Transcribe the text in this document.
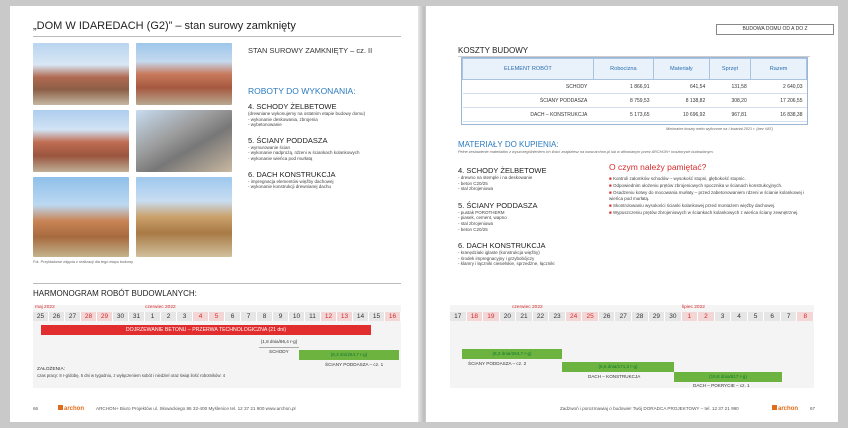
„DOM W IDAREDACH (G2)” – stan surowy zamknięty
Fot. Przykładowe zdjęcia z realizacji dla tego etapu budowy
STAN SUROWY ZAMKNIĘTY – cz. II
ROBOTY DO WYKONANIA:
4. SCHODY ŻELBETOWE
(drewniane wykonujemy na ostatnim etapie budowy domu)
- wykonanie deskowania, zbrojenia
- wybetonowanie
5. ŚCIANY PODDASZA
- wymurowanie ścian
- wykonanie nadprożą, rdzeni w ściankach kolankowych
- wykonanie wieńca pod murłatą
6. DACH KONSTRUKCJA
- impregnacja elementów więźby dachowej
- wykonanie konstrukcji drewnianej dachu
HARMONOGRAM ROBÓT BUDOWLANYCH:
maj 2022	czerwiec 2022
25	26	27	28	29	30	31	1	2	3	4	5	6	7	8	9	10	11	12	13	14	15	16
DOJRZEWANIE BETONU – PRZERWA TECHNOLOGICZNA (21 dni)
(1,8 dnia/66,4 r-g)
SCHODY
(8,3 dni/264,7 r-g)
ŚCIANY PODDASZA – cz. 1
ZAŁOŻENIA:
czas pracy: 8 r-g/dobę, 5 dni w tygodniu, z wyłączeniem sobót i niedziel oraz świąt ilość robotników: 4
66	archon	ARCHON+ Biuro Projektów ul. Słowackiego 86 32-400 Myślenice tel. 12 37 21 900 www.archon.pl
BUDOWA DOMU OD A DO Z
KOSZTY BUDOWY
ELEMENT ROBÓT	Robocizna	Materiały	Sprzęt	Razem
SCHODY	1 866,91	641,54	131,58	2 640,03
ŚCIANY PODDASZA	8 759,53	8 138,82	308,20	17 206,55
DACH – KONSTRUKCJA	5 173,65	10 696,92	967,81	16 838,38
Minimalne koszty netto wyliczone na I kwartał 2021 r. (bez VAT)
MATERIAŁY DO KUPIENIA:
Pełne zestawienie materiałów z wyszczególnieniem ich ilości znajdziesz na www.archon.pl lub w afirowanym przez ARCHON+ kosztorysie budowlanym.
4. SCHODY ŻELBETOWE
- drewno na stemple i na deskowanie
- beton C20/25
- stal zbrojeniowa
5. ŚCIANY PODDASZA
- pustak POROTHERM
- piasek, cement, wapno
- stal zbrojeniowa
- beton C20/25
6. DACH KONSTRUKCJA
- kranędziaki iglaste (konstrukcja więźby)
- środek impregnacyjny i grzybobójczy
- klamry i łączniki ciesielskie, sprzedżne, łączniki
O czym należy pamiętać?
■ Kontroli załomków schodów – wysokość stopni, głębokość stopnic.
■ Odpowiednim ułożeniu prętów zbrojeniowych spocznika w ścianach konstrukcyjnych.
■ Osadzeniu kotwy do mocowania murłaty – przed zabetonowaniem rdzeni w ścianie kolankowej i wieńca pod murłatą.
■ Skontrolowaniu wysokości ścianki kolankowej przed montażem więźby dachowej.
■ Wypuszczeniu prętów zbrojeniowych w ściankach kolankowych z wieńca ściany zewnętrznej.
czerwiec 2022	lipiec 2022
17	18	19	20	21	22	23	24	25	26	27	28	29	30	1	2	3	4	5	6	7	8
(8,3 dnia/264,7 r-g)
ŚCIANY PODDASZA – cz. 2
(5,6 dnia/171,3 r-g)
DACH – KONSTRUKCJA	(19,8 dnia/617 r-g)
DACH – POKRYCIE – cz. 1
Zadzwoń i porozmawiaj o budowie! Twój DORADCA PROJEKTOWY – tel. 12 37 21 990	archon	67
